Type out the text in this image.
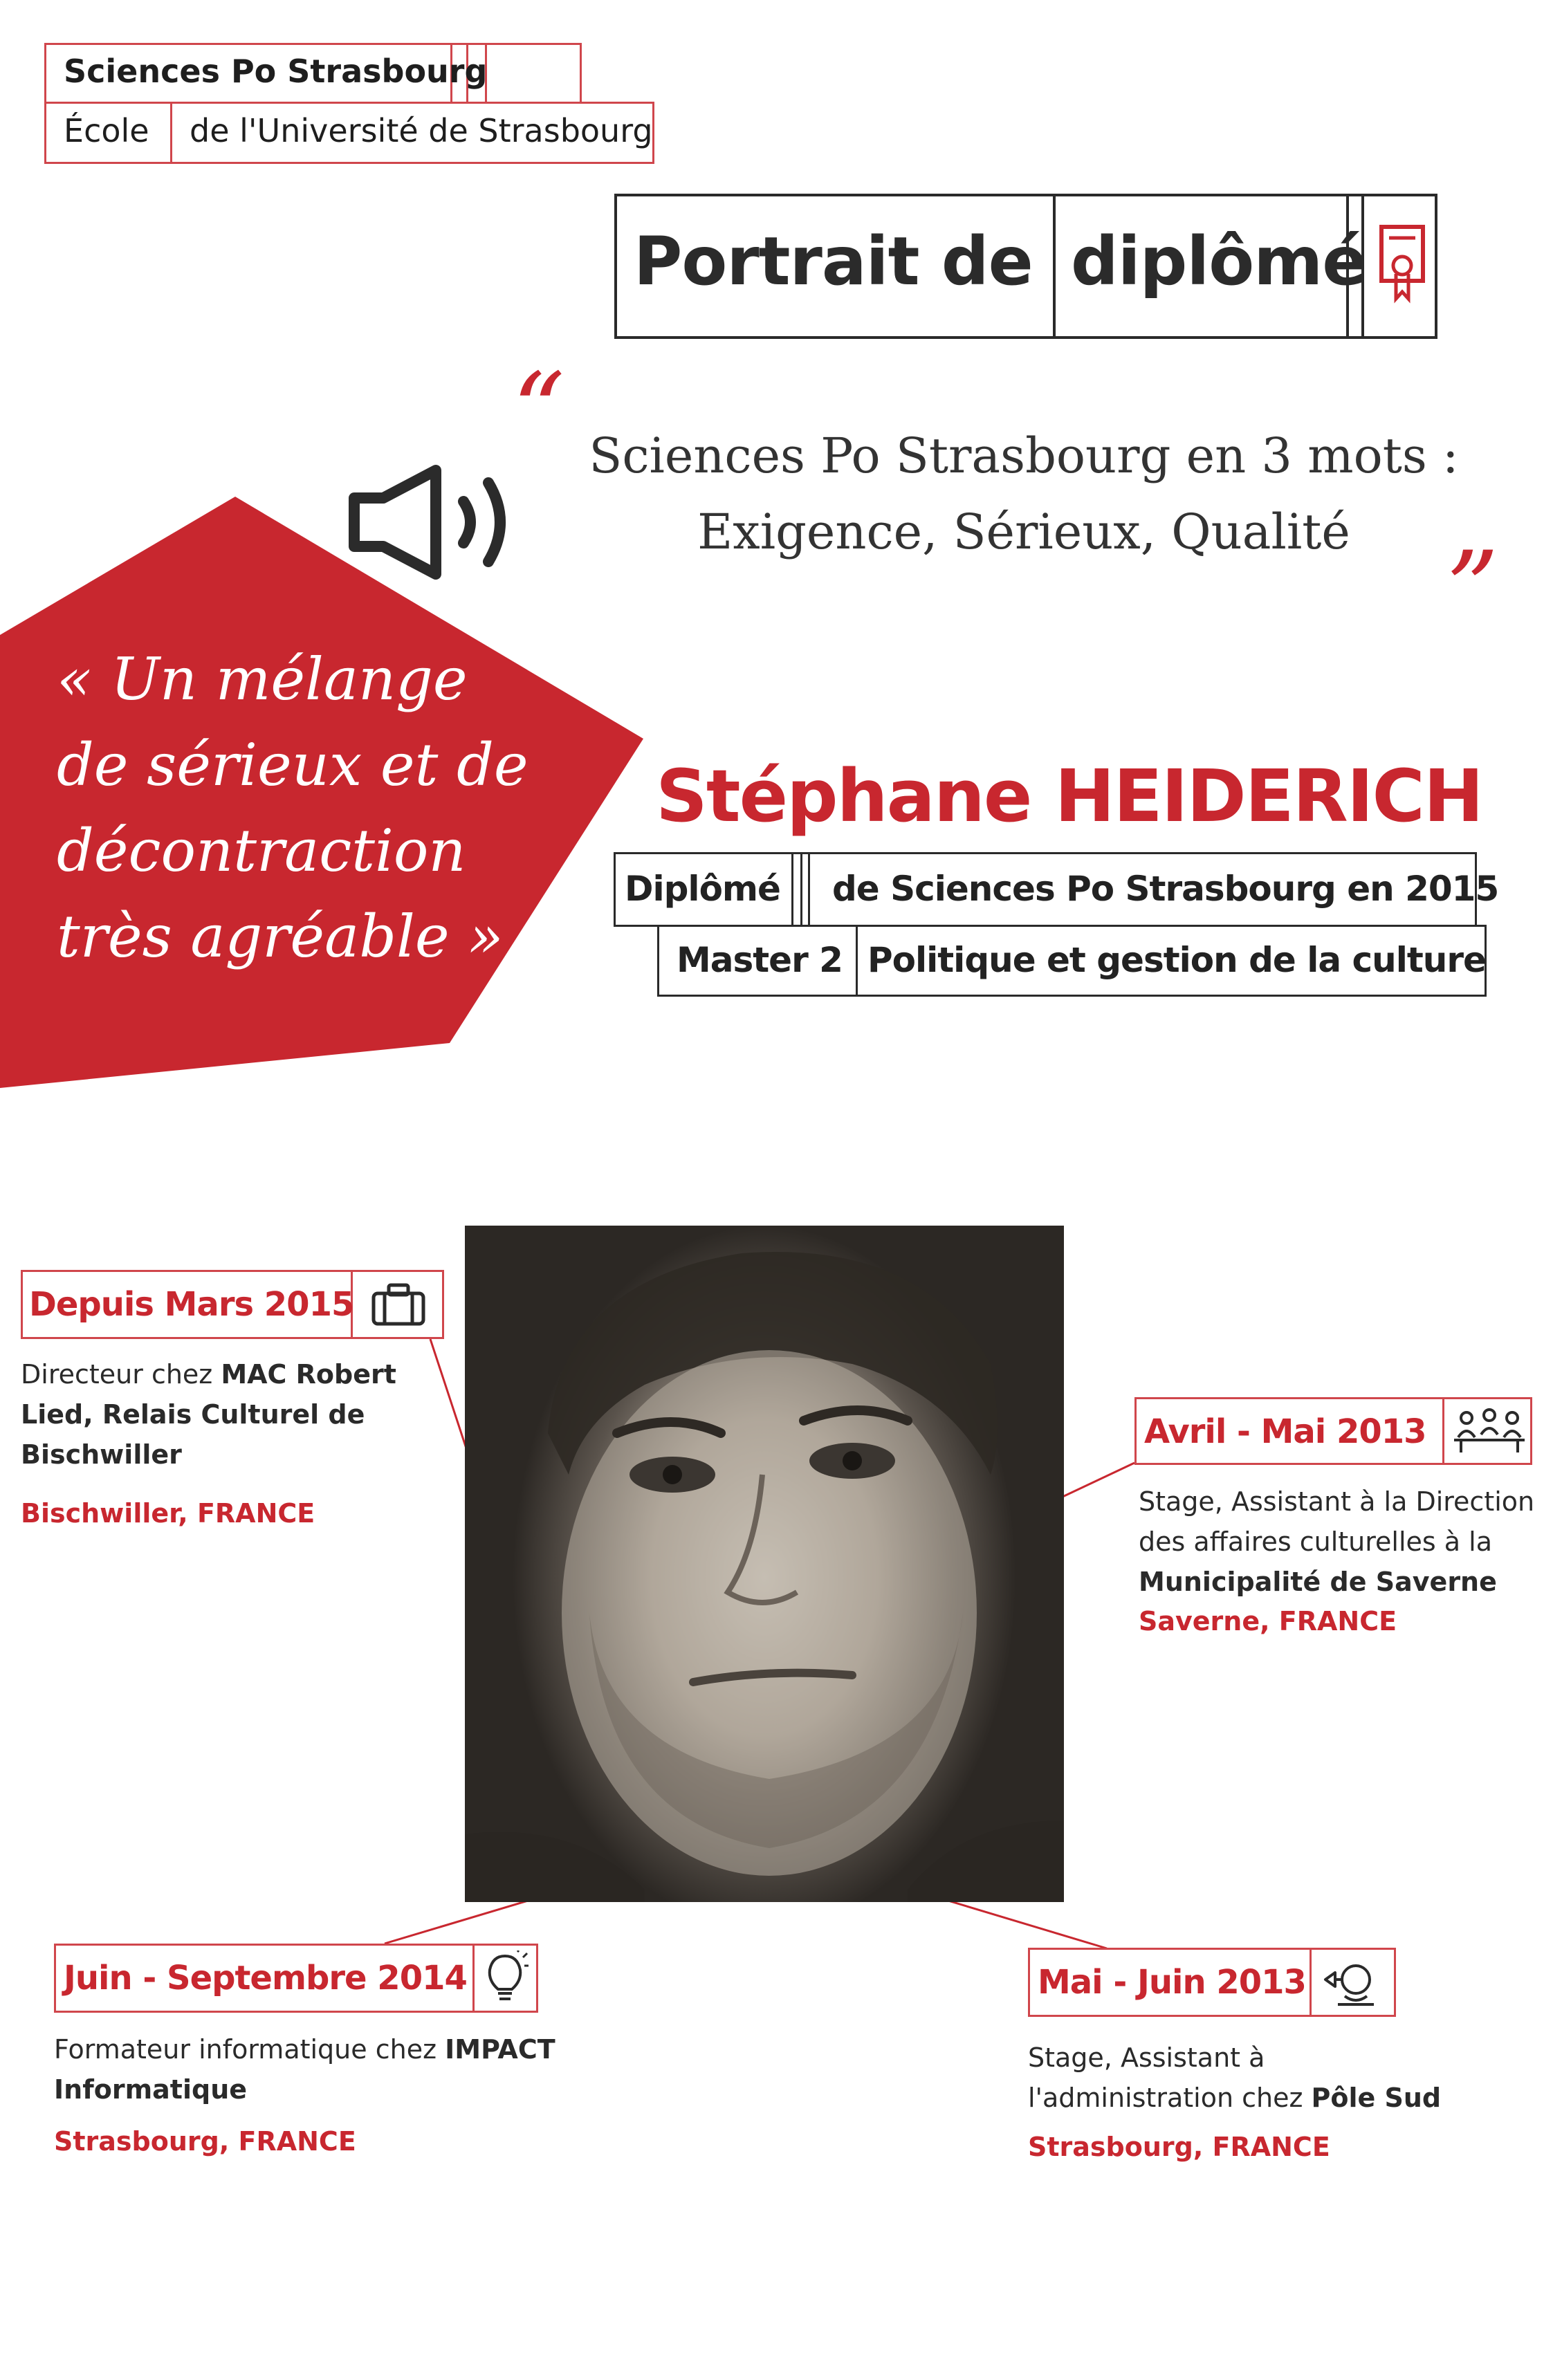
Sciences Po Strasbourg
École de l'Université de Strasbourg
Portrait de diplômé
“
”
Sciences Po Strasbourg en 3 mots :
Exigence, Sérieux, Qualité
« Un mélange
de sérieux et de
décontraction
très agréable »
Stéphane HEIDERICH
Diplômé de Sciences Po Strasbourg en 2015
Master 2 Politique et gestion de la culture
Depuis Mars 2015
Directeur chez MAC Robert
Lied, Relais Culturel de
Bischwiller
Bischwiller, FRANCE
Avril - Mai 2013
Stage, Assistant à la Direction
des affaires culturelles à la
Municipalité de Saverne
Saverne, FRANCE
Juin - Septembre 2014
Formateur informatique chez IMPACT
Informatique
Strasbourg, FRANCE
Mai - Juin 2013
Stage, Assistant à
l'administration chez Pôle Sud
Strasbourg, FRANCE
